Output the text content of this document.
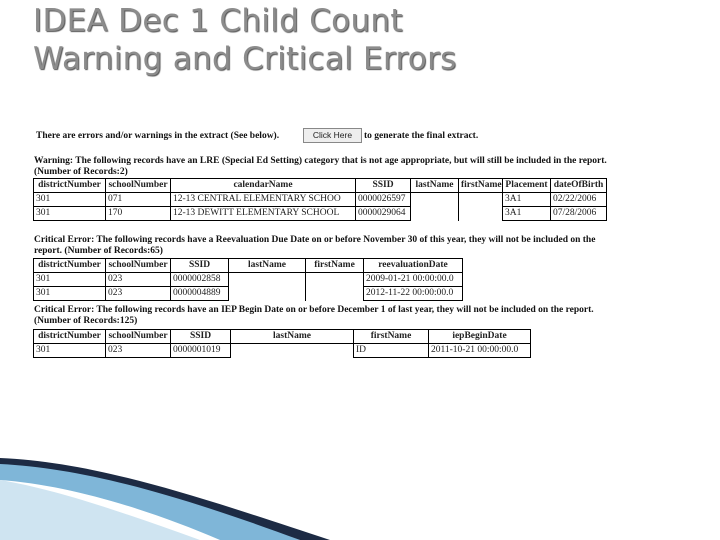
IDEA Dec 1 Child Count
Warning and Critical Errors
There are errors and/or warnings in the extract (See below).	Click Here	to generate the final extract.
Warning: The following records have an LRE (Special Ed Setting) category that is not age appropriate, but will still be included in the report. (Number of Records:2)
districtNumber	schoolNumber	calendarName	SSID	lastName	firstName	Placement	dateOfBirth
301	071	12-13 CENTRAL ELEMENTARY SCHOO	0000026597			3A1	02/22/2006
301	170	12-13 DEWITT ELEMENTARY SCHOOL	0000029064			3A1	07/28/2006
Critical Error: The following records have a Reevaluation Due Date on or before November 30 of this year, they will not be included on the report. (Number of Records:65)
districtNumber	schoolNumber	SSID	lastName	firstName	reevaluationDate
301	023	0000002858			2009-01-21 00:00:00.0
301	023	0000004889			2012-11-22 00:00:00.0
Critical Error: The following records have an IEP Begin Date on or before December 1 of last year, they will not be included on the report. (Number of Records:125)
districtNumber	schoolNumber	SSID	lastName	firstName	iepBeginDate
301	023	0000001019		ID	2011-10-21 00:00:00.0
